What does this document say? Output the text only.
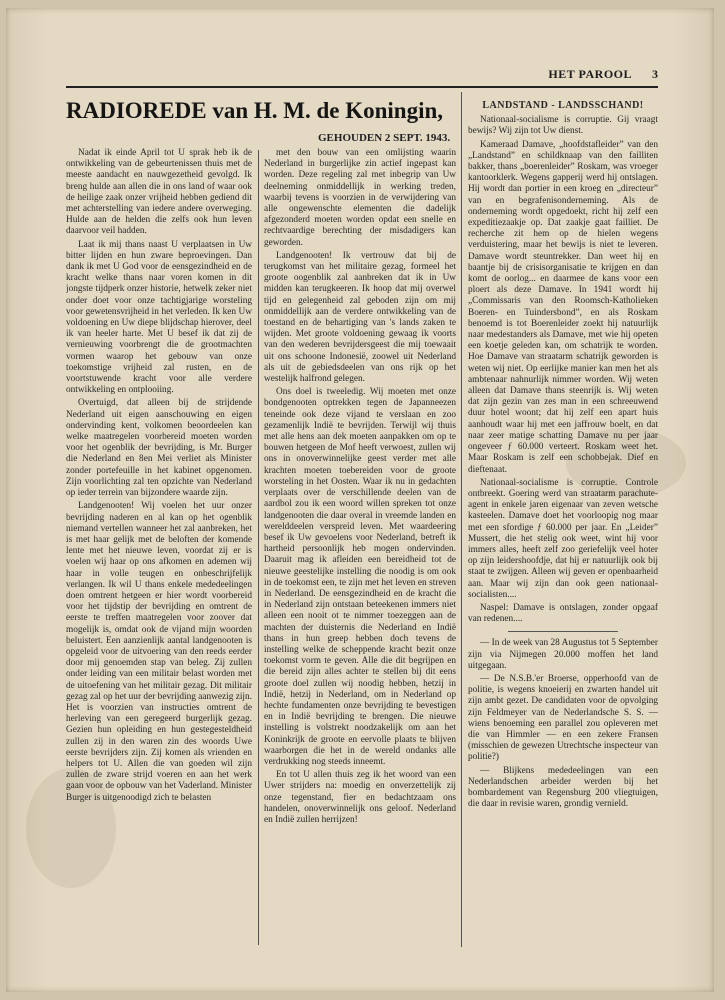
HET PAROOL 3
RADIOREDE van H. M. de Koningin,
GEHOUDEN 2 SEPT. 1943.

Nadat ik einde April tot U sprak heb ik de ontwikkeling van de gebeurtenissen thuis met de meeste aandacht en nauwgezetheid gevolgd. Ik breng hulde aan allen die in ons land of waar ook de heilige zaak onzer vrijheid hebben gediend dit met achterstelling van iedere andere overweging. Hulde aan de helden die zelfs ook hun leven daarvoor veil hadden.

Laat ik mij thans naast U verplaatsen in Uw bitter lijden en hun zware beproevingen. Dan dank ik met U God voor de eensgezindheid en de kracht welke thans naar voren komen in dit jongste tijdperk onzer historie, hetwelk zeker niet onder doet voor onze tachtigjarige worsteling voor gewetensvrijheid in het verleden. Ik ken Uw voldoening en Uw diepe blijdschap hierover, deel ik van heeler harte. Met U besef ik dat zij de vernieuwing voorbrengt die de grootmachten vormen waarop het gebouw van onze toekomstige vrijheid zal rusten, en de voortstuwende kracht voor alle verdere ontwikkeling en ontplooiing.

Overtuigd, dat alleen bij de strijdende Nederland uit eigen aanschouwing en eigen ondervinding kent, volkomen beoordeelen kan welke maatregelen voorbereid moeten worden voor het ogenblik der bevrijding, is Mr. Burger die Nederland en 8en Mei verliet als Minister zonder portefeuille in het kabinet opgenomen. Zijn voorlichting zal ten opzichte van Nederland op ieder terrein van bijzondere waarde zijn.

Landgenooten! Wij voelen het uur onzer bevrijding naderen en al kan op het ogenblik niemand vertellen wanneer het zal aanbreken, het is met haar gelijk met de beloften der komende lente met het nieuwe leven, voordat zij er is voelen wij haar op ons afkomen en ademen wij haar in volle teugen en onbeschrijfelijk verlangen. Ik wil U thans enkele mededeelingen doen omtrent hetgeen er hier wordt voorbereid voor het tijdstip der bevrijding en omtrent de eerste te treffen maatregelen voor zoover dat mogelijk is, omdat ook de vijand mijn woorden beluistert. Een aanzienlijk aantal landgenooten is opgeleid voor de uitvoering van den reeds eerder door mij genoemden stap van beleg. Zij zullen onder leiding van een militair belast worden met de uitoefening van het militair gezag. Dit militair gezag zal op het uur der bevrijding aanwezig zijn. Het is voorzien van instructies omtrent de herleving van een geregeerd burgerlijk gezag. Gezien hun opleiding en hun gestegesteldheid zullen zij in den waren zin des woords Uwe eerste bevrijders zijn. Zij komen als vrienden en helpers tot U. Allen die van goeden wil zijn zullen de zware strijd voeren en aan het werk gaan voor de opbouw van het Vaderland. Minister Burger is uitgenoodigd zich te belasten

met den bouw van een omlijsting waarin Nederland in burgerlijke zin actief ingepast kan worden. Deze regeling zal met inbegrip van Uw deelneming onmiddellijk in werking treden, waarbij tevens is voorzien in de verwijdering van alle ongewenschte elementen die dadelijk afgezonderd moeten worden opdat een snelle en rechtvaardige berechting der misdadigers kan geworden.

Landgenooten! Ik vertrouw dat bij de terugkomst van het militaire gezag, formeel het groote oogenblik zal aanbreken dat ik in Uw midden kan terugkeeren. Ik hoop dat mij overwel tijd en gelegenheid zal geboden zijn om mij onmiddellijk aan de verdere ontwikkeling van de toestand en de behartiging van 's lands zaken te wijden. Met groote voldoening gewaag ik voorts van den wederen bevrijdersgeest die mij toewaait uit ons schoone Indonesië, zoowel uit Nederland als uit de gebiedsdeelen van ons rijk op het westelijk halfrond gelegen.

Ons doel is tweeledig. Wij moeten met onze bondgenooten optrekken tegen de Japanneezen teneinde ook deze vijand te verslaan en zoo gezamenlijk Indië te bevrijden. Terwijl wij thuis met alle hens aan dek moeten aanpakken om op te bouwen hetgeen de Mof heeft verwoest, zullen wij ons in onoverwinnelijke geest verder met alle krachten moeten toebereiden voor de groote worsteling in het Oosten. Waar ik nu in gedachten verplaats over de verschillende deelen van de aardbol zou ik een woord willen spreken tot onze landgenooten die daar overal in vreemde landen en werelddeelen verspreid leven. Met waardeering besef ik Uw gevoelens voor Nederland, betreft ik hartheid persoonlijk heb mogen ondervinden. Daaruit mag ik afleiden een bereidheid tot de nieuwe geestelijke instelling die noodig is om ook in de toekomst een, te zijn met het leven en streven in Nederland. De eensgezindheid en de kracht die in Nederland zijn ontstaan beteekenen immers niet alleen een nooit ot te nimmer toezeggen aan de machten der duisternis die Nederland en Indië thans in hun greep hebben doch tevens de instelling welke de scheppende kracht bezit onze toekomst vorm te geven. Alle die dit begrijpen en die bereid zijn alles achter te stellen bij dit eens groote doel zullen wij noodig hebben, hetzij in Indië, hetzij in Nederland, om in Nederland op hechte fundamenten onze bevrijding te bevestigen en in Indië bevrijding te brengen. Die nieuwe instelling is volstrekt noodzakelijk om aan het Koninkrijk de groote en eervolle plaats te blijven waarborgen die het in de wereld ondanks alle verdrukking nog steeds inneemt.

En tot U allen thuis zeg ik het woord van een Uwer strijders na: moedig en onverzettelijk zij onze tegenstand, fier en bedachtzaam ons handelen, onoverwinnelijk ons geloof. Nederland en Indië zullen herrijzen!

LANDSTAND - LANDSSCHAND!

Nationaal-socialisme is corruptie. Gij vraagt bewijs? Wij zijn tot Uw dienst.

Kameraad Damave, „hoofdstafleider” van den „Landstand” en schildknaap van den failliten bakker, thans „boerenleider” Roskam, was vroeger kantoorklerk. Wegens gapperij werd hij ontslagen. Hij wordt dan portier in een kroeg en „directeur” van en begrafenisonderneming. Als de onderneming wordt opgedoekt, richt hij zelf een expeditiezaakje op. Dat zaakje gaat failliet. De recherche zit hem op de hielen wegens verduistering, maar het bewijs is niet te leveren. Damave wordt steuntrekker. Dan weet hij en baantje bij de crisisorganisatie te krijgen en dan komt de oorlog... en daarmee de kans voor een ploert als deze Damave. In 1941 wordt hij „Commissaris van den Roomsch-Katholieken Boeren- en Tuindersbond”, en als Roskam benoemd is tot Boerenleider zoekt hij natuurlijk naar medestanders als Damave, met wie hij opeten een koetje geleden kan, om schatrijk te worden. Hoe Damave van straatarm schatrijk geworden is weten wij niet. Op eerlijke manier kan men het als ambtenaar nahnurlijk nimmer worden. Wij weten alleen dat Damave thans steenrijk is. Wij weten dat zijn gezin van zes man in een schreeuwend duur hotel woont; dat hij zelf een apart huis aanhoudt waar hij met een jaffrouw boelt, en dat naar zeer matige schatting Damave nu per jaar ongeveer ƒ 60.000 verteert. Roskam weet het. Maar Roskam is zelf een schobbejak. Dief en dieftenaat.

Nationaal-socialisme is corruptie. Controle ontbreekt. Goering werd van straatarm parachute-agent in enkele jaren eigenaar van zeven wetsche kasteelen. Damave doet het voorloopig nog maar met een sfordige ƒ 60.000 per jaar. En „Leider” Mussert, die het stelig ook weet, wint hij voor immers alles, heeft zelf zoo geriefelijk veel hoter op zijn leidershoofdje, dat hij er natuurlijk ook bij staat te zwijgen. Alleen wij geven er openbaarheid aan. Maar wij zijn dan ook geen nationaal-socialisten....

Naspel: Damave is ontslagen, zonder opgaaf van redenen....

— In de week van 28 Augustus tot 5 September zijn via Nijmegen 20.000 moffen het land uitgegaan.

— De N.S.B.'er Broerse, opperhoofd van de politie, is wegens knoeierij en zwarten handel uit zijn ambt gezet. De candidaten voor de opvolging zijn Feldmeyer van de Nederlandsche S. S. — wiens benoeming een parallel zou opleveren met die van Himmler — en een zekere Fransen (misschien de gewezen Utrechtsche inspecteur van politie?)

— Blijkens mededeelingen van een Nederlandschen arbeider werden bij het bombardement van Regensburg 200 vliegtuigen, die daar in revisie waren, grondig vernield.
